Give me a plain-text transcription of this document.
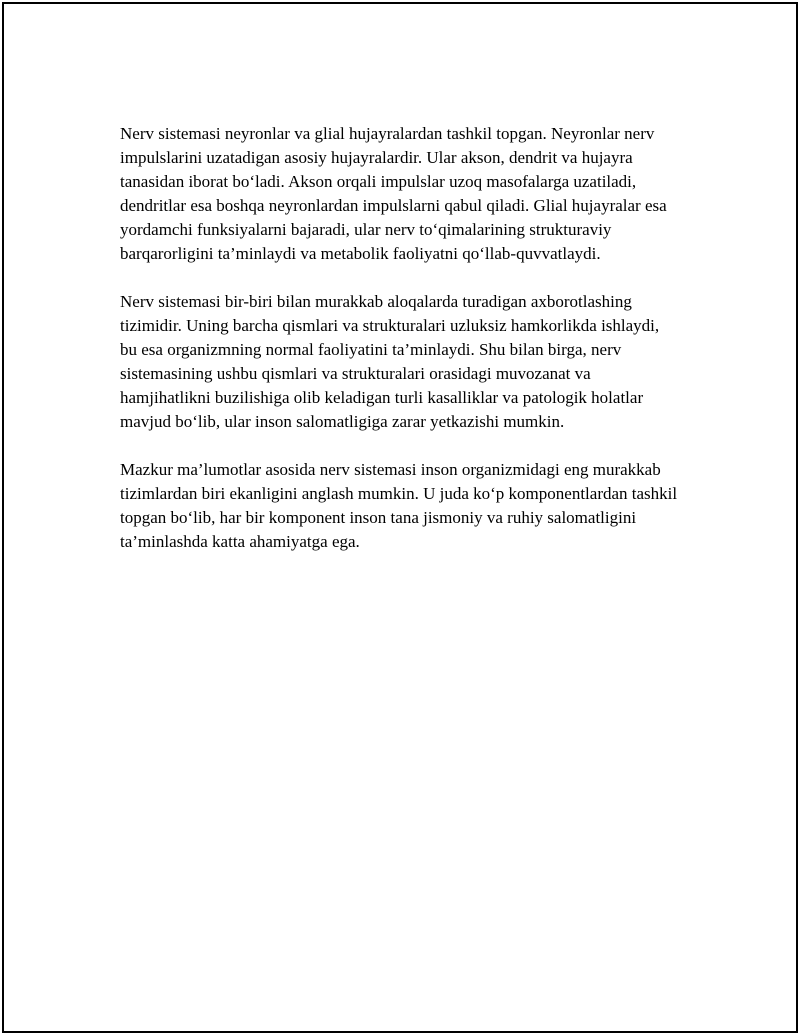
Nerv sistemasi neyronlar va glial hujayralardan tashkil topgan. Neyronlar nerv impulslarini uzatadigan asosiy hujayralardir. Ular akson, dendrit va hujayra tanasidan iborat bo‘ladi. Akson orqali impulslar uzoq masofalarga uzatiladi, dendritlar esa boshqa neyronlardan impulslarni qabul qiladi. Glial hujayralar esa yordamchi funksiyalarni bajaradi, ular nerv to‘qimalarining strukturaviy barqarorligini ta’minlaydi va metabolik faoliyatni qo‘llab-quvvatlaydi.

Nerv sistemasi bir-biri bilan murakkab aloqalarda turadigan axborotlashing tizimidir. Uning barcha qismlari va strukturalari uzluksiz hamkorlikda ishlaydi, bu esa organizmning normal faoliyatini ta’minlaydi. Shu bilan birga, nerv sistemasining ushbu qismlari va strukturalari orasidagi muvozanat va hamjihatlikni buzilishiga olib keladigan turli kasalliklar va patologik holatlar mavjud bo‘lib, ular inson salomatligiga zarar yetkazishi mumkin.

Mazkur ma’lumotlar asosida nerv sistemasi inson organizmidagi eng murakkab tizimlardan biri ekanligini anglash mumkin. U juda ko‘p komponentlardan tashkil topgan bo‘lib, har bir komponent inson tana jismoniy va ruhiy salomatligini ta’minlashda katta ahamiyatga ega.
